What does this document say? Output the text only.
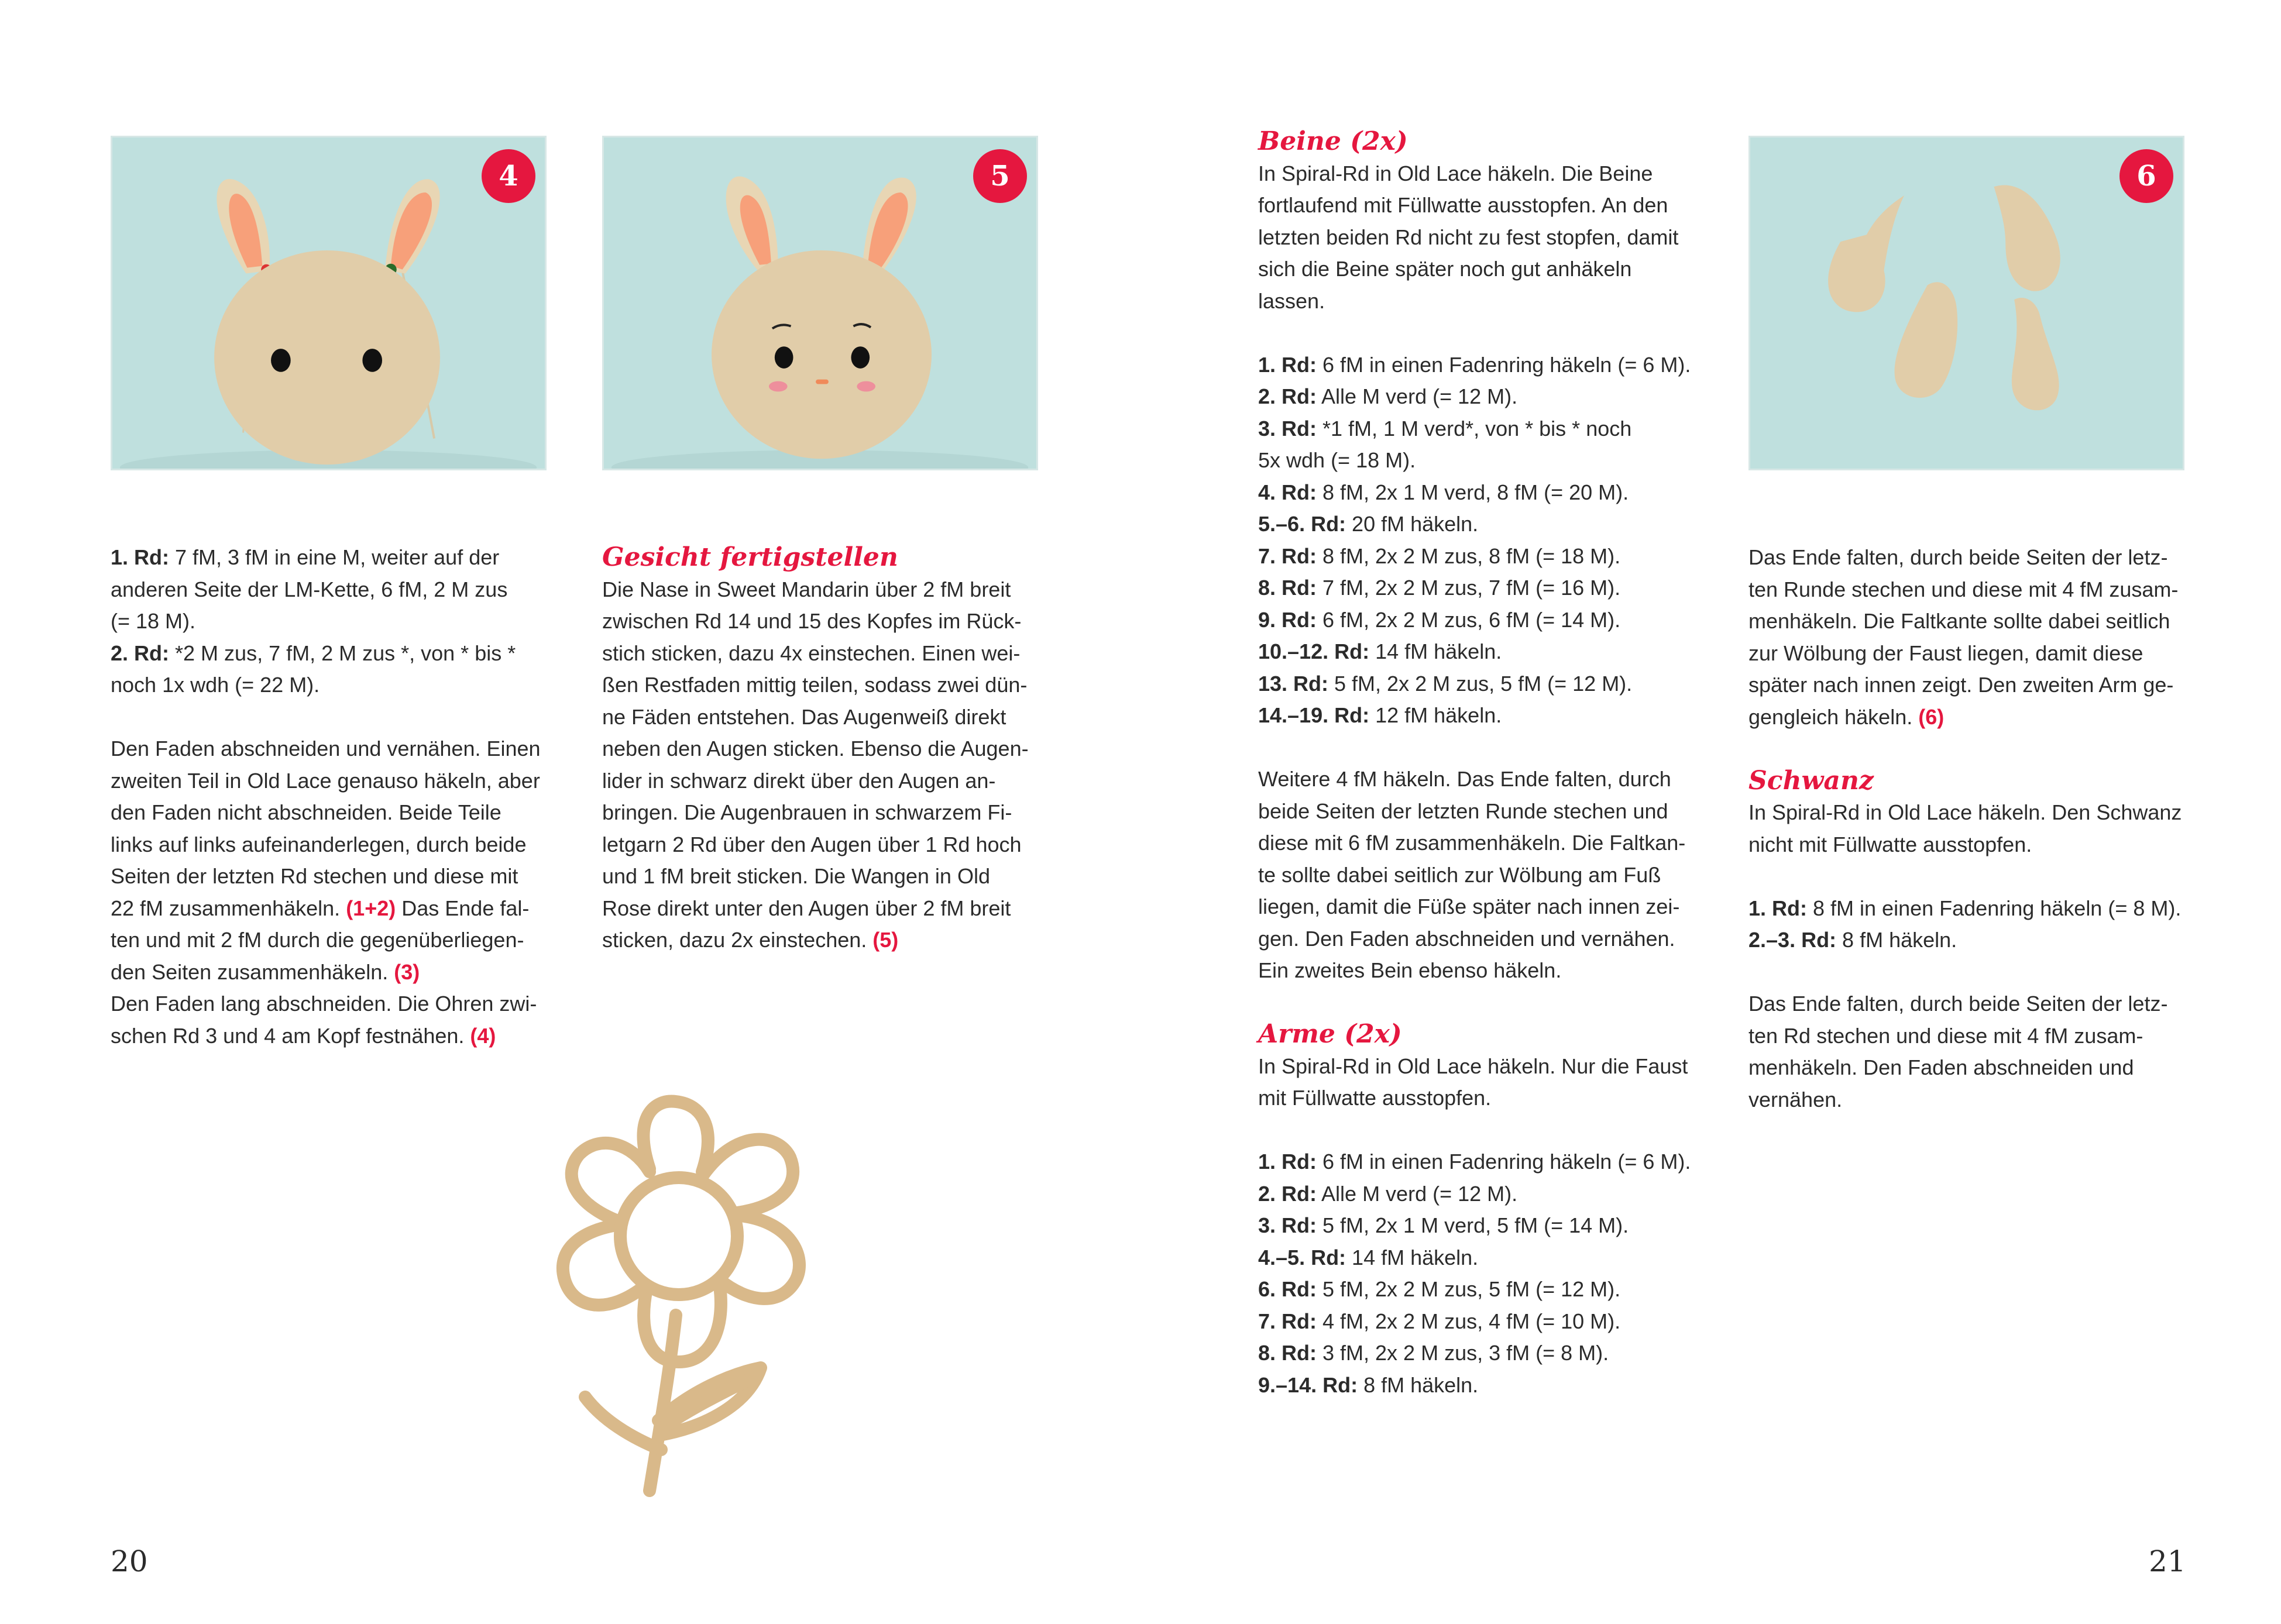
4	5	6

1. Rd: 7 fM, 3 fM in eine M, weiter auf der

anderen Seite der LM-Kette, 6 fM, 2 M zus

(= 18 M).

2. Rd: *2 M zus, 7 fM, 2 M zus *, von * bis *

noch 1x wdh (= 22 M).

Den Faden abschneiden und vernähen. Einen

zweiten Teil in Old Lace genauso häkeln, aber

den Faden nicht abschneiden. Beide Teile

links auf links aufeinanderlegen, durch beide

Seiten der letzten Rd stechen und diese mit

22 fM zusammenhäkeln. (1+2) Das Ende fal-

ten und mit 2 fM durch die gegenüberliegen-

den Seiten zusammenhäkeln. (3)

Den Faden lang abschneiden. Die Ohren zwi-

schen Rd 3 und 4 am Kopf festnähen. (4)

Gesicht fertigstellen

Die Nase in Sweet Mandarin über 2 fM breit

zwischen Rd 14 und 15 des Kopfes im Rück-

stich sticken, dazu 4x einstechen. Einen wei-

ßen Restfaden mittig teilen, sodass zwei dün-

ne Fäden entstehen. Das Augenweiß direkt

neben den Augen sticken. Ebenso die Augen-

lider in schwarz direkt über den Augen an-

bringen. Die Augenbrauen in schwarzem Fi-

letgarn 2 Rd über den Augen über 1 Rd hoch

und 1 fM breit sticken. Die Wangen in Old

Rose direkt unter den Augen über 2 fM breit

sticken, dazu 2x einstechen. (5)

Beine (2x)

In Spiral-Rd in Old Lace häkeln. Die Beine

fortlaufend mit Füllwatte ausstopfen. An den

letzten beiden Rd nicht zu fest stopfen, damit

sich die Beine später noch gut anhäkeln

lassen.

1. Rd: 6 fM in einen Fadenring häkeln (= 6 M).

2. Rd: Alle M verd (= 12 M).

3. Rd: *1 fM, 1 M verd*, von * bis * noch

5x wdh (= 18 M).

4. Rd: 8 fM, 2x 1 M verd, 8 fM (= 20 M).

5.–6. Rd: 20 fM häkeln.

7. Rd: 8 fM, 2x 2 M zus, 8 fM (= 18 M).

8. Rd: 7 fM, 2x 2 M zus, 7 fM (= 16 M).

9. Rd: 6 fM, 2x 2 M zus, 6 fM (= 14 M).

10.–12. Rd: 14 fM häkeln.

13. Rd: 5 fM, 2x 2 M zus, 5 fM (= 12 M).

14.–19. Rd: 12 fM häkeln.

Weitere 4 fM häkeln. Das Ende falten, durch

beide Seiten der letzten Runde stechen und

diese mit 6 fM zusammenhäkeln. Die Faltkan-

te sollte dabei seitlich zur Wölbung am Fuß

liegen, damit die Füße später nach innen zei-

gen. Den Faden abschneiden und vernähen.

Ein zweites Bein ebenso häkeln.

Arme (2x)

In Spiral-Rd in Old Lace häkeln. Nur die Faust

mit Füllwatte ausstopfen.

1. Rd: 6 fM in einen Fadenring häkeln (= 6 M).

2. Rd: Alle M verd (= 12 M).

3. Rd: 5 fM, 2x 1 M verd, 5 fM (= 14 M).

4.–5. Rd: 14 fM häkeln.

6. Rd: 5 fM, 2x 2 M zus, 5 fM (= 12 M).

7. Rd: 4 fM, 2x 2 M zus, 4 fM (= 10 M).

8. Rd: 3 fM, 2x 2 M zus, 3 fM (= 8 M).

9.–14. Rd: 8 fM häkeln.

Das Ende falten, durch beide Seiten der letz-

ten Runde stechen und diese mit 4 fM zusam-

menhäkeln. Die Faltkante sollte dabei seitlich

zur Wölbung der Faust liegen, damit diese

später nach innen zeigt. Den zweiten Arm ge-

gengleich häkeln. (6)

Schwanz

In Spiral-Rd in Old Lace häkeln. Den Schwanz

nicht mit Füllwatte ausstopfen.

1. Rd: 8 fM in einen Fadenring häkeln (= 8 M).

2.–3. Rd: 8 fM häkeln.

Das Ende falten, durch beide Seiten der letz-

ten Rd stechen und diese mit 4 fM zusam-

menhäkeln. Den Faden abschneiden und

vernähen.

20	21
